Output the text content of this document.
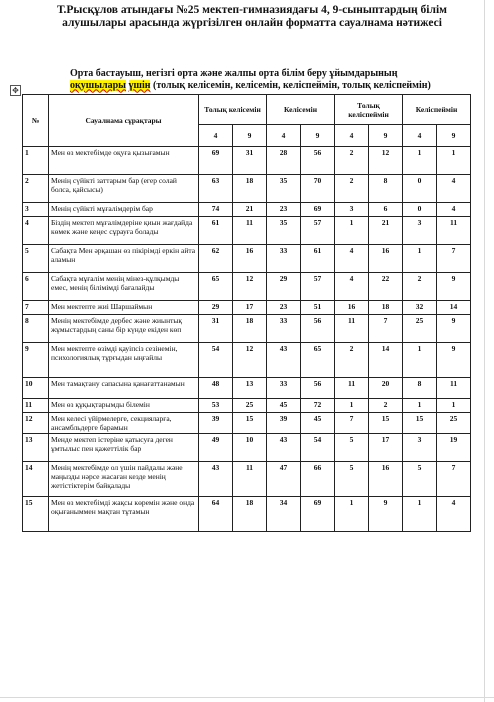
Т.Рысқұлов атындағы №25 мектеп-гимназиядағы 4, 9-сыныптардың білім алушылары арасында жүргізілген онлайн форматта сауалнама нәтижесі
Орта бастауыш, негізгі орта және жалпы орта білім беру ұйымдарының оқушылары үшін (толық келісемін, келісемін, келіспеймін, толық келіспеймін)
✥
№	Сауалнама сұрақтары	Толық келісемін		Келісемін		Толық келіспеймін		Келіспеймін	
		4	9	4	9	4	9	4	9
1	Мен өз мектебімде оқуға қызығамын	69	31	28	56	2	12	1	1
2	Менің сүйікті заттарым бар (егер солай болса, қайсысы)	63	18	35	70	2	8	0	4
3	Менің сүйікті мұғалімдерім бар	74	21	23	69	3	6	0	4
4	Біздің мектеп мұғалімдеріне қиын жағдайда көмек және кеңес сұрауға болады	61	11	35	57	1	21	3	11
5	Сабақта Мен әрқашан өз пікірімді еркін айта аламын	62	16	33	61	4	16	1	7
6	Сабақта мұғалім менің мінез-құлқымды емес, менің білімімді бағалайды	65	12	29	57	4	22	2	9
7	Мен мектепте жиі Шаршаймын	29	17	23	51	16	18	32	14
8	Менің мектебімде дербес және жиынтық жұмыстардың саны бір күнде екіден көп	31	18	33	56	11	7	25	9
9	Мен мектепте өзімді қауіпсіз сезінемін, психологиялық тұрғыдан ыңғайлы	54	12	43	65	2	14	1	9
10	Мен тамақтану сапасына қанағаттанамын	48	13	33	56	11	20	8	11
11	Мен өз құқықтарымды білемін	53	25	45	72	1	2	1	1
12	Мен келесі үйірмелерге, секцияларға, ансамбльдерге барамын	39	15	39	45	7	15	15	25
13	Менде мектеп істеріне қатысуға деген ұмтылыс пен қажеттілік бар	49	10	43	54	5	17	3	19
14	Менің мектебімде ол үшін пайдалы және маңызды нәрсе жасаған кезде менің жетістіктерім байқалады	43	11	47	66	5	16	5	7
15	Мен өз мектебімді жақсы көремін және онда оқығаныммен мақтан тұтамын	64	18	34	69	1	9	1	4
